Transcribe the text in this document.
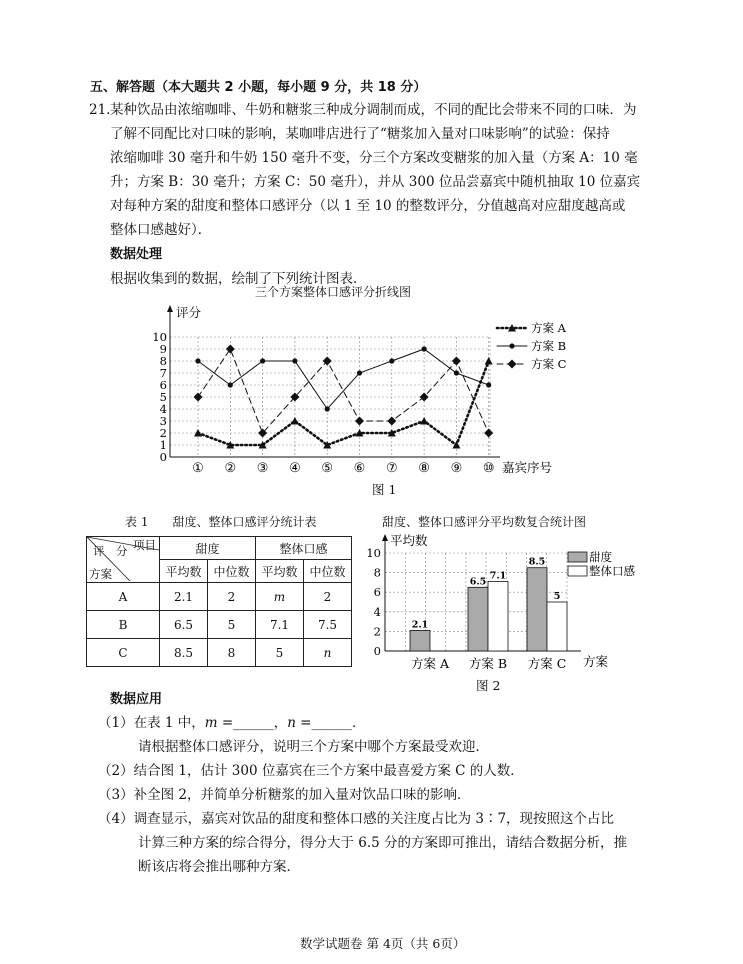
五、解答题（本大题共 2 小题，每小题 9 分，共 18 分）
21. 某种饮品由浓缩咖啡、牛奶和糖浆三种成分调制而成，不同的配比会带来不同的口味．为
了解不同配比对口味的影响，某咖啡店进行了“糖浆加入量对口味影响”的试验：保持
浓缩咖啡 30 毫升和牛奶 150 毫升不变，分三个方案改变糖浆的加入量（方案 A：10 毫
升；方案 B：30 毫升；方案 C：50 毫升），并从 300 位品尝嘉宾中随机抽取 10 位嘉宾
对每种方案的甜度和整体口感评分（以 1 至 10 的整数评分，分值越高对应甜度越高或
整体口感越好）．
数据处理
根据收集到的数据，绘制了下列统计图表．
三个方案整体口感评分折线图
0
1
2
3
4
5
6
7
8
9
10
① ② ③ ④ ⑤ ⑥ ⑦ ⑧ ⑨ ⑩
评分
嘉宾序号
方案 A
方案 B
方案 C
图 1
表 1　　甜度、整体口感评分统计表
项目
评　分
方案	甜度		整体口感	
	平均数	中位数	平均数	中位数
A	2.1	2	m	2
B	6.5	5	7.1	7.5
C	8.5	8	5	n
甜度、整体口感评分平均数复合统计图
0
2
4
6
8
10
平均数
方案
方案 A
2.1
方案 B
6.5
7.1
方案 C
8.5
5
甜度
整体口感
图 2
数据应用
（1）在表 1 中，m =______，n =______．
请根据整体口感评分，说明三个方案中哪个方案最受欢迎．
（2）结合图 1，估计 300 位嘉宾在三个方案中最喜爱方案 C 的人数．
（3）补全图 2，并简单分析糖浆的加入量对饮品口味的影响．
（4）调查显示，嘉宾对饮品的甜度和整体口感的关注度占比为 3∶7，现按照这个占比
计算三种方案的综合得分，得分大于 6.5 分的方案即可推出，请结合数据分析，推
断该店将会推出哪种方案．
数学试题卷 第 4页（共 6页）
